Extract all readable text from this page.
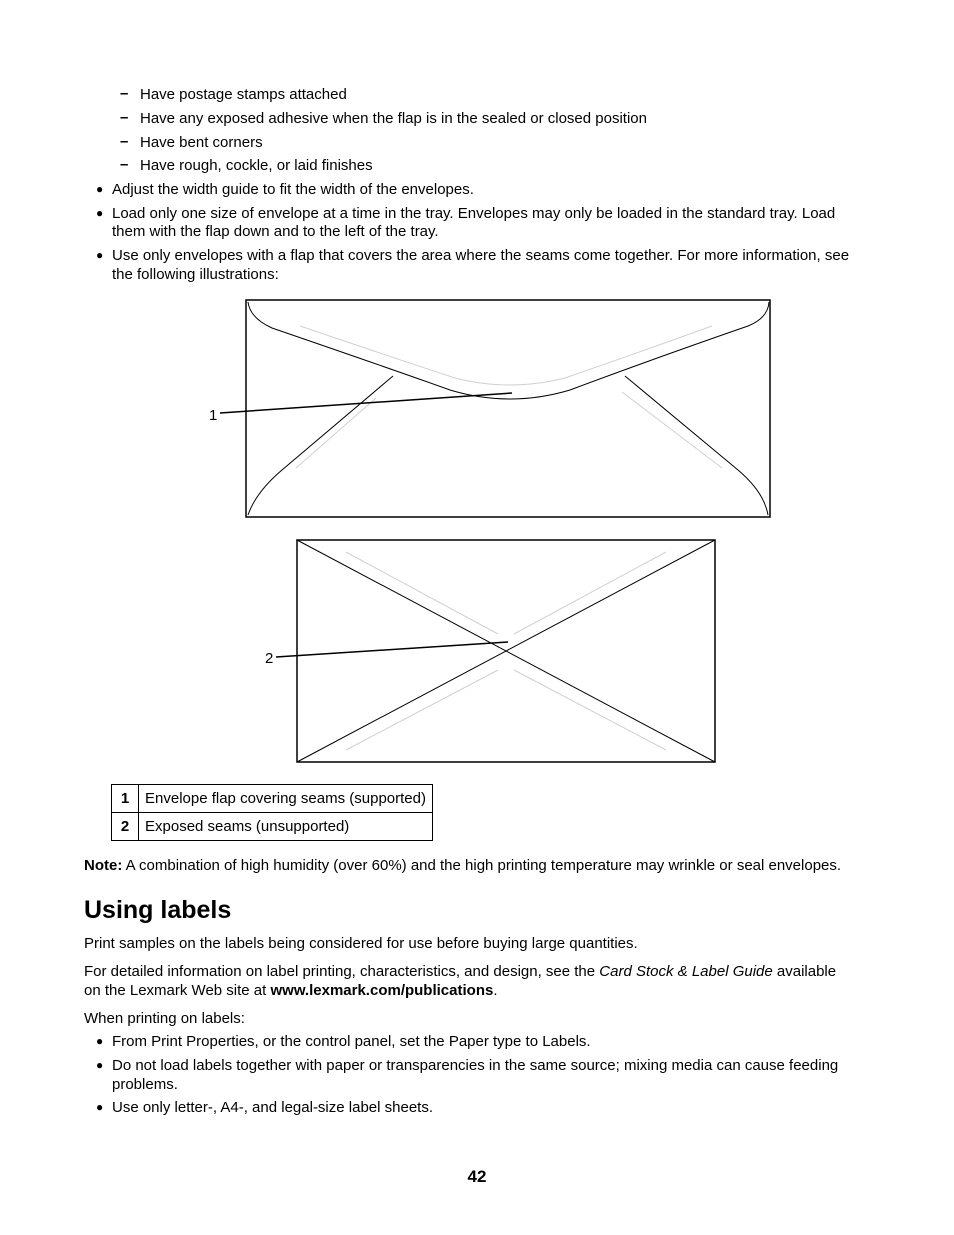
– Have postage stamps attached
– Have any exposed adhesive when the flap is in the sealed or closed position
– Have bent corners
– Have rough, cockle, or laid finishes
● Adjust the width guide to fit the width of the envelopes.
● Load only one size of envelope at a time in the tray. Envelopes may only be loaded in the standard tray. Load
them with the flap down and to the left of the tray.
● Use only envelopes with a flap that covers the area where the seams come together. For more information, see
the following illustrations:
1
2
1	Envelope flap covering seams (supported)
2	Exposed seams (unsupported)
Note: A combination of high humidity (over 60%) and the high printing temperature may wrinkle or seal envelopes.
Using labels
Print samples on the labels being considered for use before buying large quantities.
For detailed information on label printing, characteristics, and design, see the Card Stock & Label Guide available
on the Lexmark Web site at www.lexmark.com/publications.
When printing on labels:
● From Print Properties, or the control panel, set the Paper type to Labels.
● Do not load labels together with paper or transparencies in the same source; mixing media can cause feeding
problems.
● Use only letter-, A4-, and legal-size label sheets.
42
